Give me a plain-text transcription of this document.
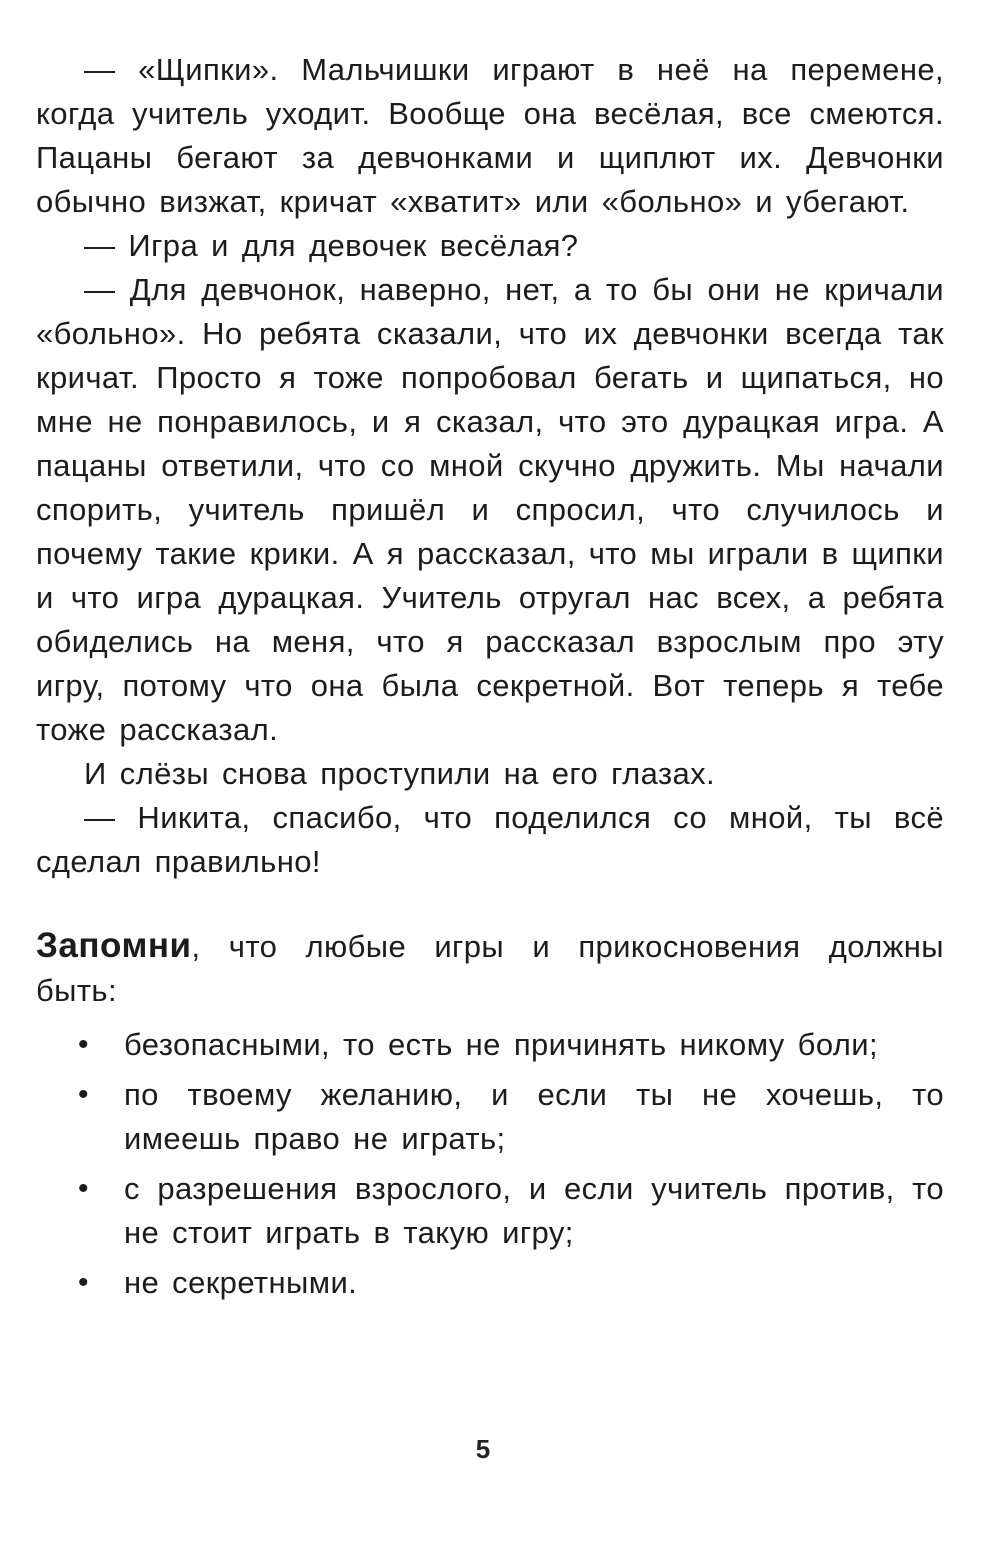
— «Щипки». Мальчишки играют в неё на перемене, когда учитель уходит. Вообще она весёлая, все смеются. Пацаны бегают за девчонками и щиплют их. Девчонки обычно визжат, кричат «хватит» или «больно» и убегают.

— Игра и для девочек весёлая?

— Для девчонок, наверно, нет, а то бы они не кричали «больно». Но ребята сказали, что их девчонки всегда так кричат. Просто я тоже попробовал бегать и щипаться, но мне не понравилось, и я сказал, что это дурацкая игра. А пацаны ответили, что со мной скучно дружить. Мы начали спорить, учитель пришёл и спросил, что случилось и почему такие крики. А я рассказал, что мы играли в щипки и что игра дурацкая. Учитель отругал нас всех, а ребята обиделись на меня, что я рассказал взрослым про эту игру, потому что она была секретной. Вот теперь я тебе тоже рассказал.

И слёзы снова проступили на его глазах.

— Никита, спасибо, что поделился со мной, ты всё сделал правильно!

Запомни, что любые игры и прикосновения должны быть:
• безопасными, то есть не причинять никому боли;
• по твоему желанию, и если ты не хочешь, то имеешь право не играть;
• с разрешения взрослого, и если учитель против, то не стоит играть в такую игру;
• не секретными.
5
